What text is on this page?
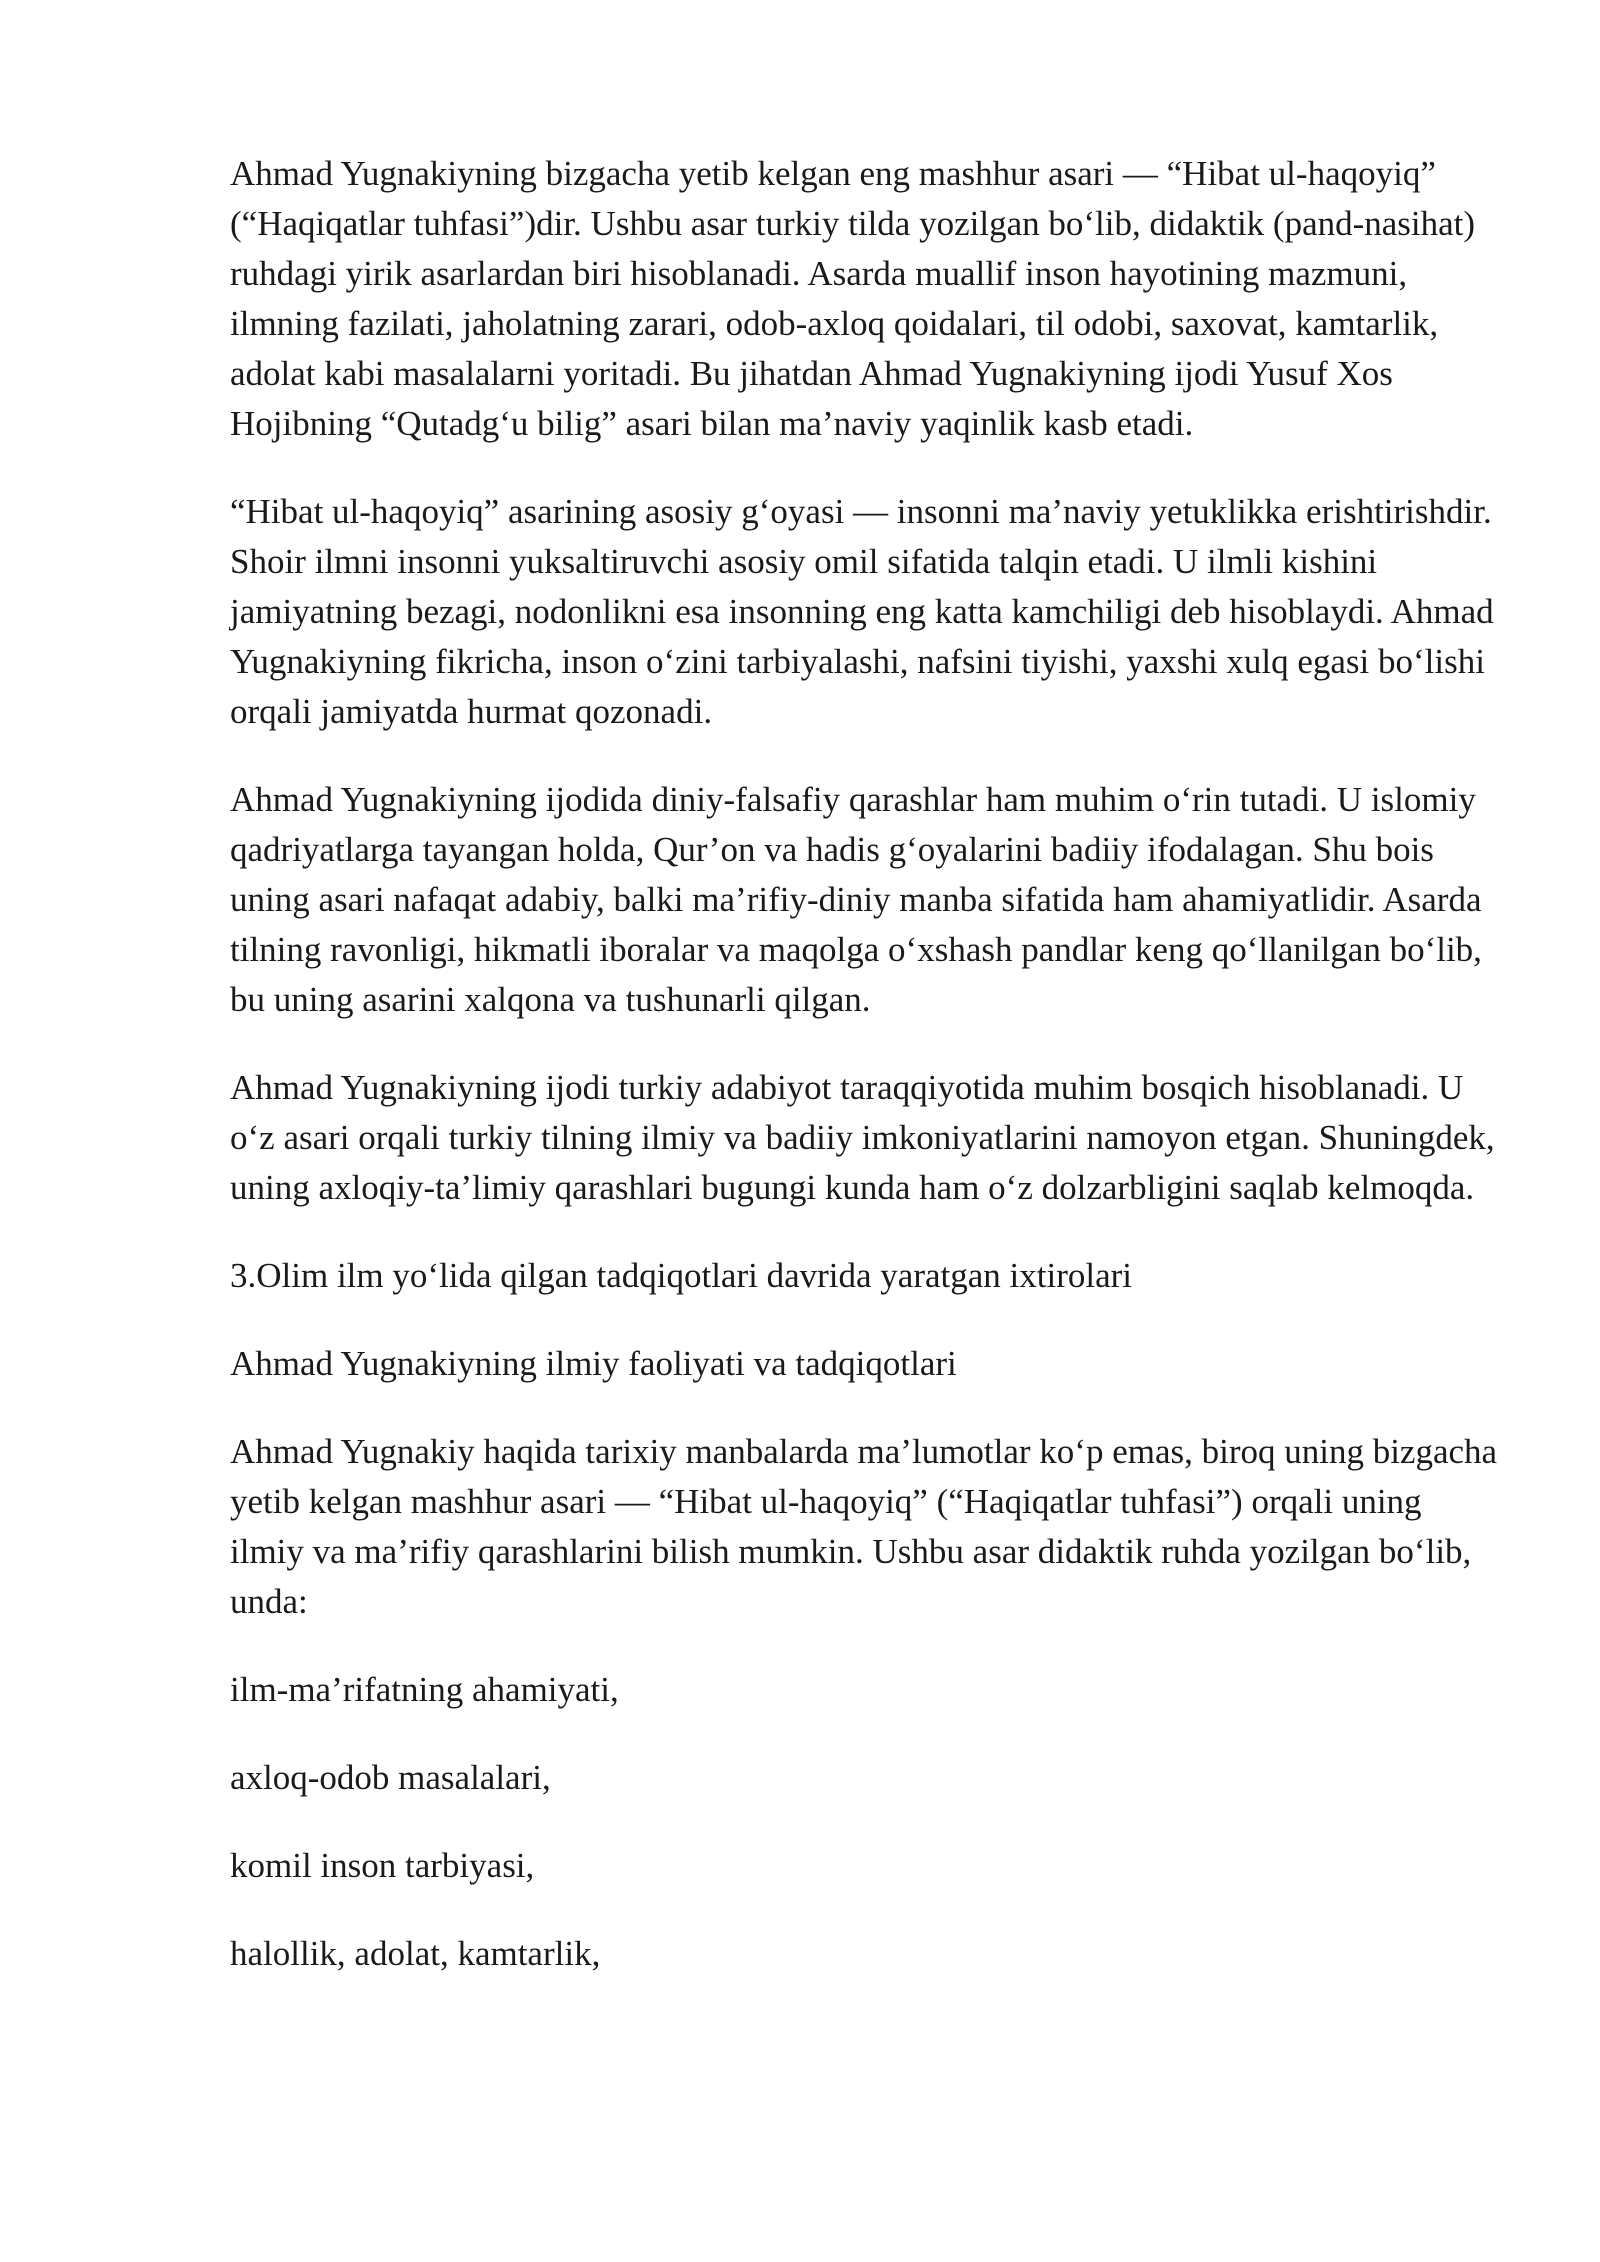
Ahmad Yugnakiyning bizgacha yetib kelgan eng mashhur asari — “Hibat ul-haqoyiq” (“Haqiqatlar tuhfasi”)dir. Ushbu asar turkiy tilda yozilgan bo‘lib, didaktik (pand-nasihat) ruhdagi yirik asarlardan biri hisoblanadi. Asarda muallif inson hayotining mazmuni, ilmning fazilati, jaholatning zarari, odob-axloq qoidalari, til odobi, saxovat, kamtarlik, adolat kabi masalalarni yoritadi. Bu jihatdan Ahmad Yugnakiyning ijodi Yusuf Xos Hojibning “Qutadg‘u bilig” asari bilan ma’naviy yaqinlik kasb etadi.

“Hibat ul-haqoyiq” asarining asosiy g‘oyasi — insonni ma’naviy yetuklikka erishtirishdir. Shoir ilmni insonni yuksaltiruvchi asosiy omil sifatida talqin etadi. U ilmli kishini jamiyatning bezagi, nodonlikni esa insonning eng katta kamchiligi deb hisoblaydi. Ahmad Yugnakiyning fikricha, inson o‘zini tarbiyalashi, nafsini tiyishi, yaxshi xulq egasi bo‘lishi orqali jamiyatda hurmat qozonadi.

Ahmad Yugnakiyning ijodida diniy-falsafiy qarashlar ham muhim o‘rin tutadi. U islomiy qadriyatlarga tayangan holda, Qur’on va hadis g‘oyalarini badiiy ifodalagan. Shu bois uning asari nafaqat adabiy, balki ma’rifiy-diniy manba sifatida ham ahamiyatlidir. Asarda tilning ravonligi, hikmatli iboralar va maqolga o‘xshash pandlar keng qo‘llanilgan bo‘lib, bu uning asarini xalqona va tushunarli qilgan.

Ahmad Yugnakiyning ijodi turkiy adabiyot taraqqiyotida muhim bosqich hisoblanadi. U o‘z asari orqali turkiy tilning ilmiy va badiiy imkoniyatlarini namoyon etgan. Shuningdek, uning axloqiy-ta’limiy qarashlari bugungi kunda ham o‘z dolzarbligini saqlab kelmoqda.

3.Olim ilm yo‘lida qilgan tadqiqotlari davrida yaratgan ixtirolari

Ahmad Yugnakiyning ilmiy faoliyati va tadqiqotlari

Ahmad Yugnakiy haqida tarixiy manbalarda ma’lumotlar ko‘p emas, biroq uning bizgacha yetib kelgan mashhur asari — “Hibat ul-haqoyiq” (“Haqiqatlar tuhfasi”) orqali uning ilmiy va ma’rifiy qarashlarini bilish mumkin. Ushbu asar didaktik ruhda yozilgan bo‘lib, unda:

ilm-ma’rifatning ahamiyati,

axloq-odob masalalari,

komil inson tarbiyasi,

halollik, adolat, kamtarlik,
